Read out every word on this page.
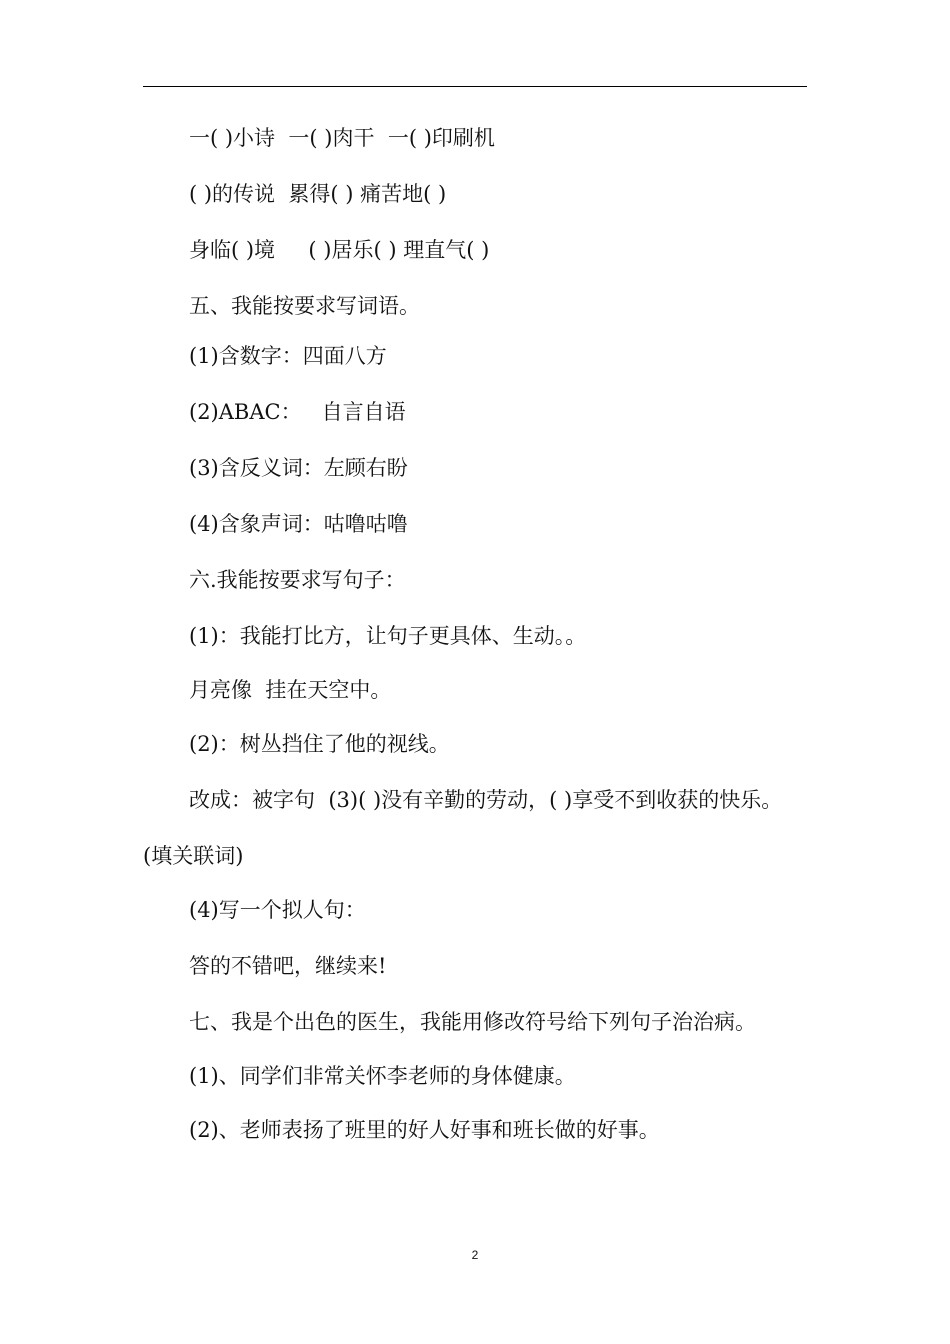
一( )小诗  一( )肉干  一( )印刷机
( )的传说  累得( ) 痛苦地( )
身临( )境     ( )居乐( ) 理直气( )
五、我能按要求写词语。
(1)含数字：四面八方
(2)ABAC：   自言自语
(3)含反义词：左顾右盼
(4)含象声词：咕噜咕噜
六.我能按要求写句子：
(1)：我能打比方，让句子更具体、生动。。
月亮像  挂在天空中。
(2)：树丛挡住了他的视线。
改成：被字句  (3)( )没有辛勤的劳动，( )享受不到收获的快乐。
(填关联词)
(4)写一个拟人句：
答的不错吧，继续来!
七、我是个出色的医生，我能用修改符号给下列句子治治病。
(1)、同学们非常关怀李老师的身体健康。
(2)、老师表扬了班里的好人好事和班长做的好事。
2
